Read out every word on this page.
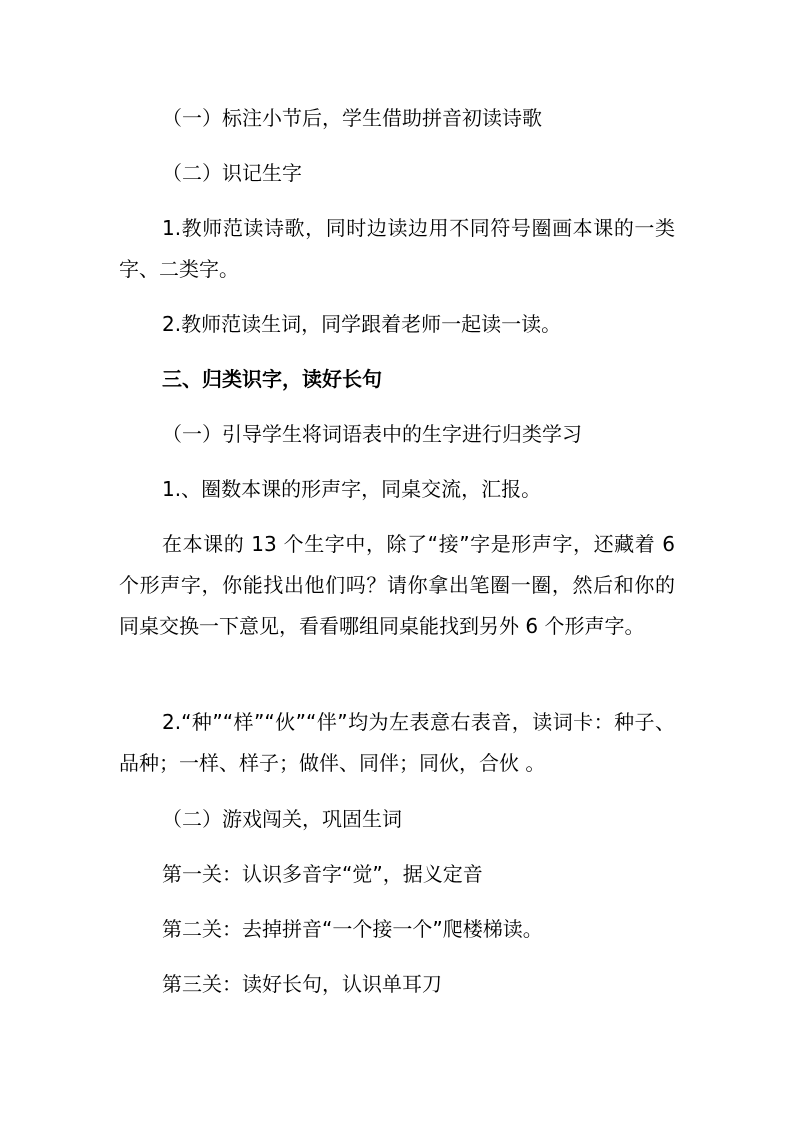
（一）标注小节后，学生借助拼音初读诗歌

（二）识记生字

1.教师范读诗歌，同时边读边用不同符号圈画本课的一类字、二类字。

2.教师范读生词，同学跟着老师一起读一读。

三、归类识字，读好长句

（一）引导学生将词语表中的生字进行归类学习

1.、圈数本课的形声字，同桌交流，汇报。

在本课的 13 个生字中，除了“接”字是形声字，还藏着 6 个形声字，你能找出他们吗？请你拿出笔圈一圈，然后和你的同桌交换一下意见，看看哪组同桌能找到另外 6 个形声字。

2.“种”“样”“伙”“伴”均为左表意右表音，读词卡：种子、品种；一样、样子；做伴、同伴；同伙，合伙 。

（二）游戏闯关，巩固生词

第一关：认识多音字“觉”，据义定音

第二关：去掉拼音“一个接一个”爬楼梯读。

第三关：读好长句，认识单耳刀
